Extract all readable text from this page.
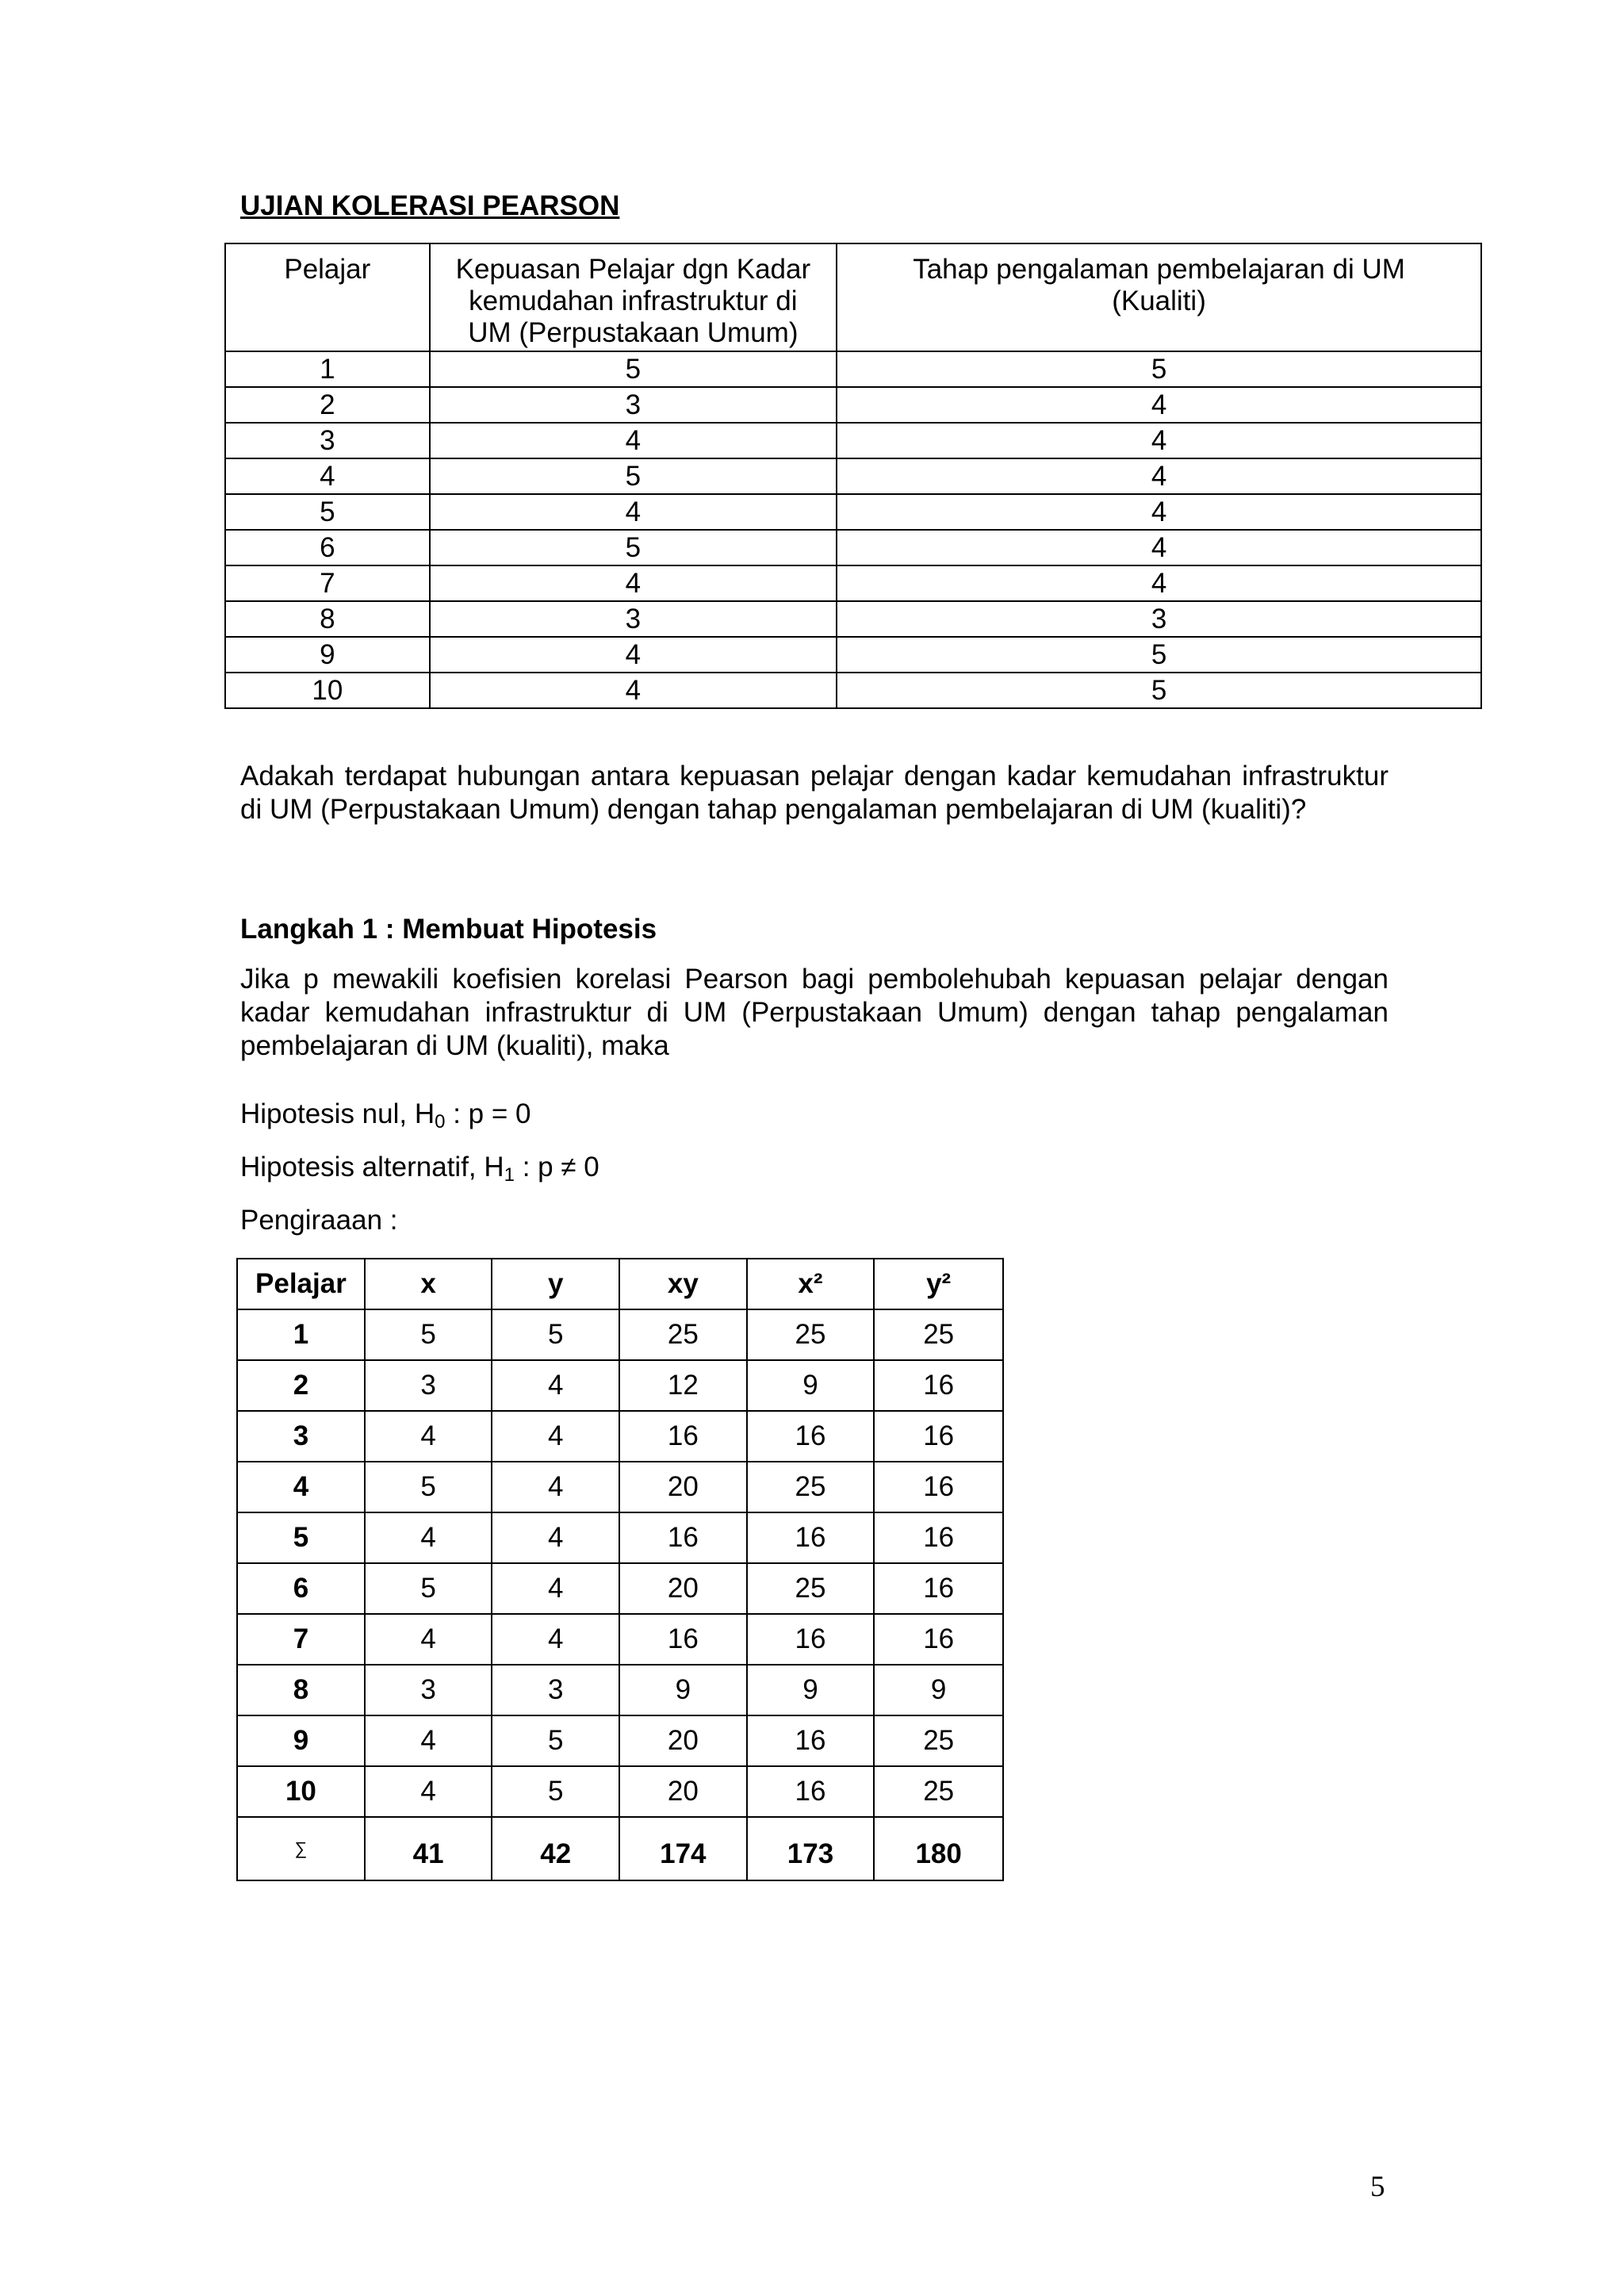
UJIAN KOLERASI PEARSON
Pelajar	Kepuasan Pelajar dgn Kadar kemudahan infrastruktur di UM (Perpustakaan Umum)	Tahap pengalaman pembelajaran di UM (Kualiti)
1	5	5
2	3	4
3	4	4
4	5	4
5	4	4
6	5	4
7	4	4
8	3	3
9	4	5
10	4	5
Adakah terdapat hubungan antara kepuasan pelajar dengan kadar kemudahan infrastruktur di UM (Perpustakaan Umum) dengan tahap pengalaman pembelajaran di UM (kualiti)?
Langkah 1 : Membuat Hipotesis
Jika p mewakili koefisien korelasi Pearson bagi pembolehubah kepuasan pelajar dengan kadar kemudahan infrastruktur di UM (Perpustakaan Umum) dengan tahap pengalaman pembelajaran di UM (kualiti), maka
Hipotesis nul, $H_0$ : p = 0
Hipotesis alternatif, $H_1$ : p ≠ 0
Pengiraaan :
Pelajar	x	y	xy	x²	y²
1	5	5	25	25	25
2	3	4	12	9	16
3	4	4	16	16	16
4	5	4	20	25	16
5	4	4	16	16	16
6	5	4	20	25	16
7	4	4	16	16	16
8	3	3	9	9	9
9	4	5	20	16	25
10	4	5	20	16	25
∑	41	42	174	173	180
5
